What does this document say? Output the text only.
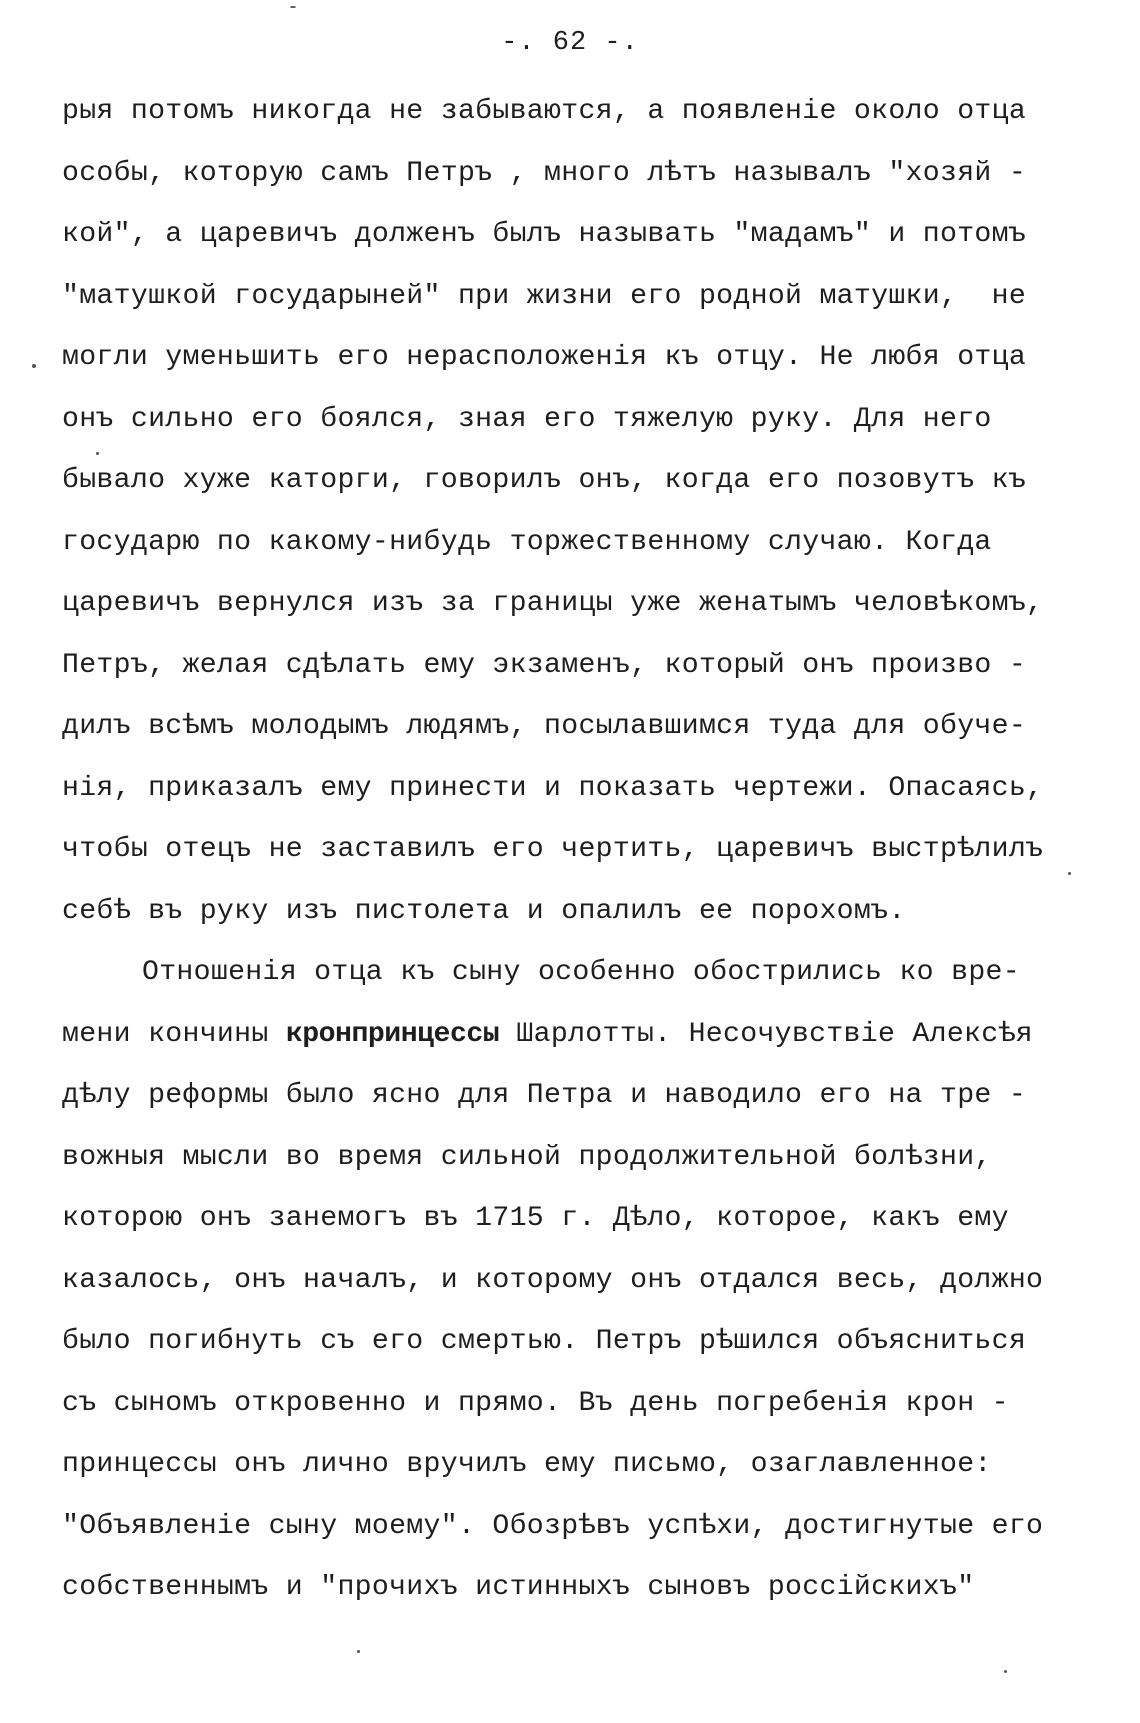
-. 62 -.
рыя потомъ никогда не забываются, а появленіе около отца
особы, которую самъ Петръ , много лѣтъ называлъ "хозяй -
кой", а царевичъ долженъ былъ называть "мадамъ" и потомъ
"матушкой государыней" при жизни его родной матушки,  не
могли уменьшить его нерасположенія къ отцу. Не любя отца
онъ сильно его боялся, зная его тяжелую руку. Для него
бывало хуже каторги, говорилъ онъ, когда его позовутъ къ
государю по какому-нибудь торжественному случаю. Когда
царевичъ вернулся изъ за границы уже женатымъ человѣкомъ,
Петръ, желая сдѣлать ему экзаменъ, который онъ произво -
дилъ всѣмъ молодымъ людямъ, посылавшимся туда для обуче-
нія, приказалъ ему принести и показать чертежи. Опасаясь,
чтобы отецъ не заставилъ его чертить, царевичъ выстрѣлилъ
себѣ въ руку изъ пистолета и опалилъ ее порохомъ.
Отношенія отца къ сыну особенно обострились ко вре-
мени кончины кронпринцессы Шарлотты. Несочувствіе Алексѣя
дѣлу реформы было ясно для Петра и наводило его на тре -
вожныя мысли во время сильной продолжительной болѣзни,
которою онъ занемогъ въ 1715 г. Дѣло, которое, какъ ему
казалось, онъ началъ, и которому онъ отдался весь, должно
было погибнуть съ его смертью. Петръ рѣшился объясниться
съ сыномъ откровенно и прямо. Въ день погребенія крон -
принцессы онъ лично вручилъ ему письмо, озаглавленное:
"Объявленіе сыну моему". Обозрѣвъ успѣхи, достигнутые его
собственнымъ и "прочихъ истинныхъ сыновъ россійскихъ"
